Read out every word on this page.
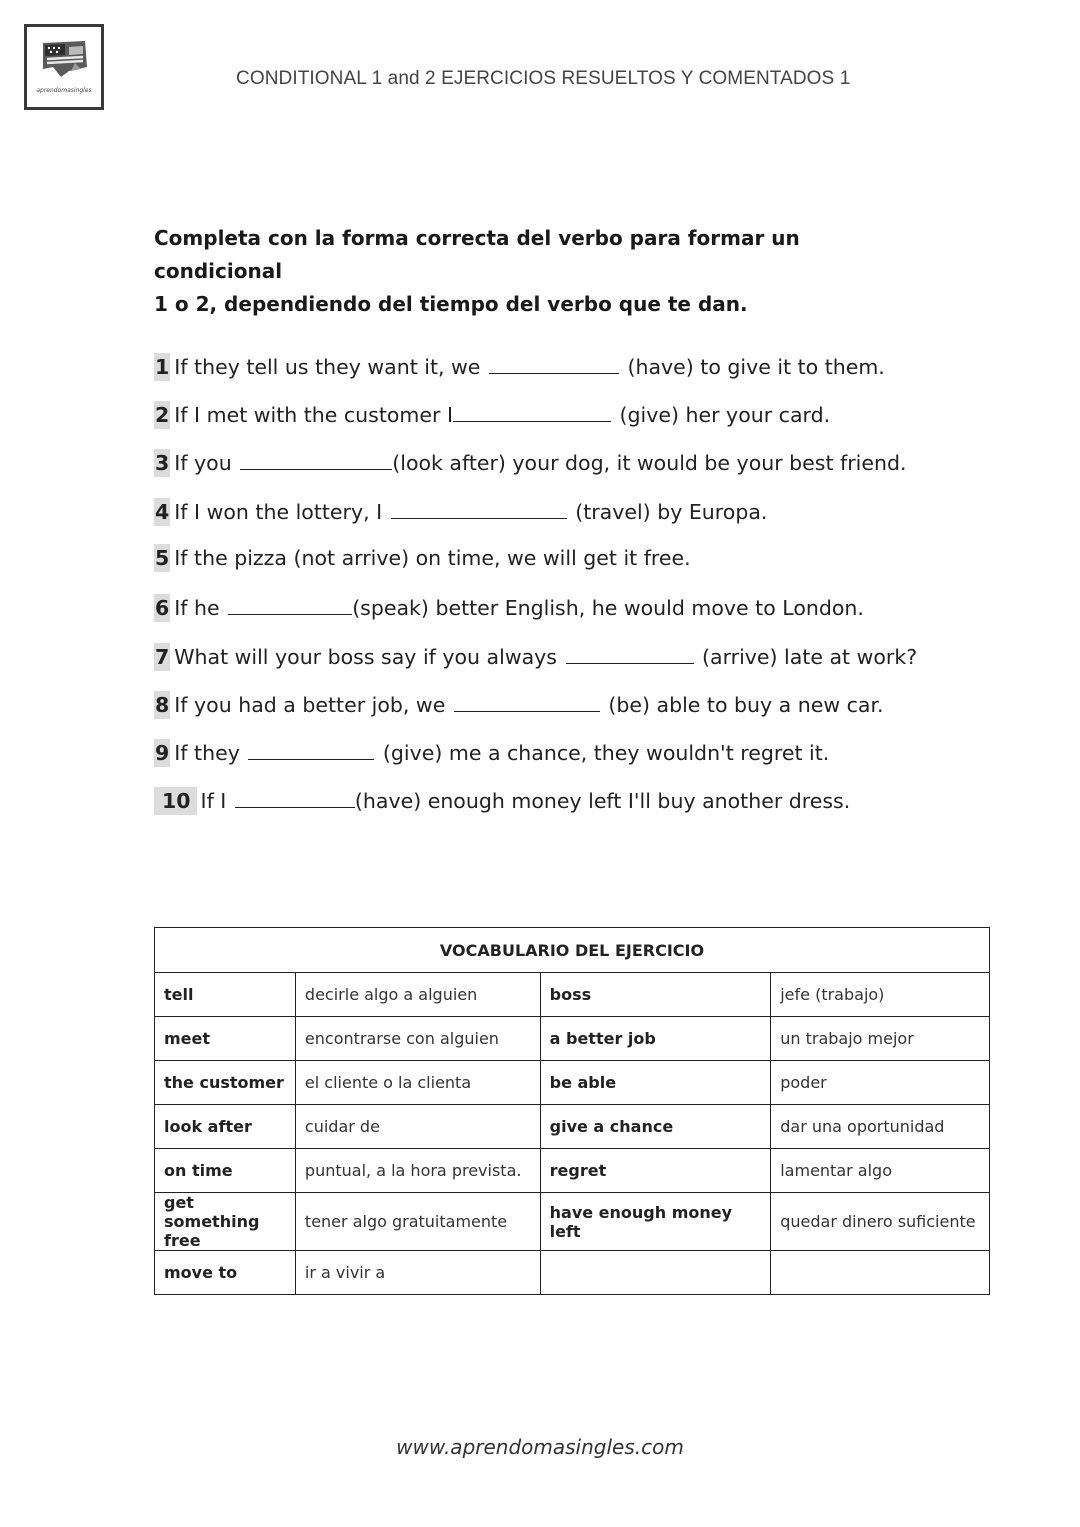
aprendomasingles
CONDITIONAL 1 and 2 EJERCICIOS RESUELTOS Y COMENTADOS 1
Completa con la forma correcta del verbo para formar un condicional
1 o 2, dependiendo del tiempo del verbo que te dan.
1 If they tell us they want it, we	(have) to give it to them.
2 If I met with the customer I	(give) her your card.
3 If you	(look after) your dog, it would be your best friend.
4 If I won the lottery, I	(travel) by Europa.
5 If the pizza (not arrive) on time, we will get it free.
6 If he	(speak) better English, he would move to London.
7 What will your boss say if you always	(arrive) late at work?
8 If you had a better job, we	(be) able to buy a new car.
9 If they	(give) me a chance, they wouldn't regret it.
10 If I	(have) enough money left I'll buy another dress.
VOCABULARIO DEL EJERCICIO			
tell	decirle algo a alguien	boss	jefe (trabajo)
meet	encontrarse con alguien	a better job	un trabajo mejor
the customer	el cliente o la clienta	be able	poder
look after	cuidar de	give a chance	dar una oportunidad
on time	puntual, a la hora prevista.	regret	lamentar algo
get something free	tener algo gratuitamente	have enough money left	quedar dinero suficiente
move to	ir a vivir a		
www.aprendomasingles.com
